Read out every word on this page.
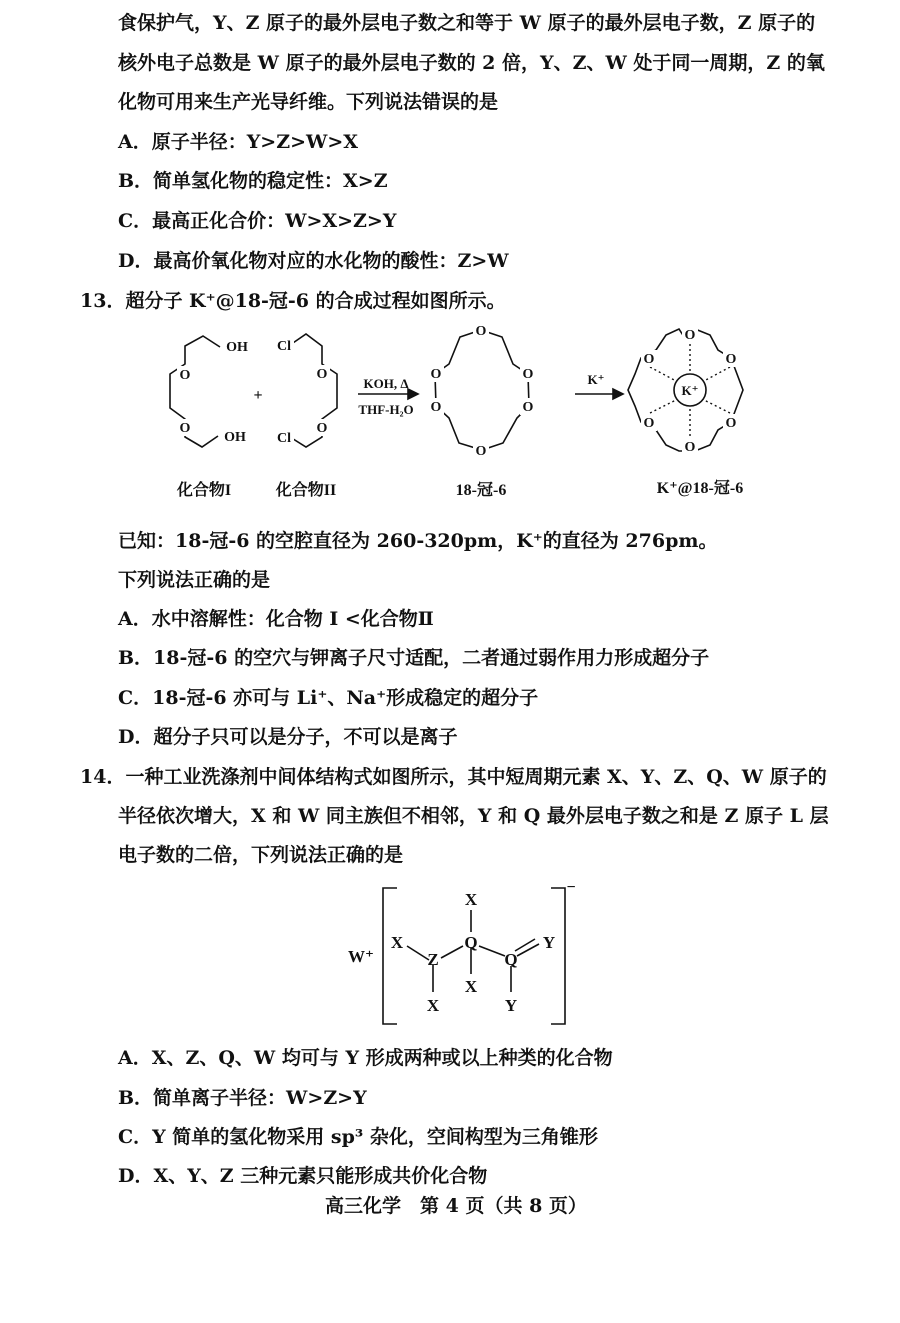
食保护气，Y、Z 原子的最外层电子数之和等于 W 原子的最外层电子数，Z 原子的
核外电子总数是 W 原子的最外层电子数的 2 倍，Y、Z、W 处于同一周期，Z 的氧
化物可用来生产光导纤维。下列说法错误的是
A．原子半径：Y>Z>W>X
B．简单氢化物的稳定性：X>Z
C．最高正化合价：W>X>Z>Y
D．最高价氧化物对应的水化物的酸性：Z>W
13．超分子 K⁺@18-冠-6 的合成过程如图所示。
OH
O
O
OH
+
Cl
O
O
Cl
KOH, Δ
THF-H₂O
O
O
O
O
O
O	K⁺
O
O
O
O
O
O
K⁺
化合物I	化合物II	18-冠-6	K⁺@18-冠-6
已知：18-冠-6 的空腔直径为 260-320pm，K⁺的直径为 276pm。
下列说法正确的是
A．水中溶解性：化合物 I <化合物Ⅱ
B．18-冠-6 的空穴与钾离子尺寸适配，二者通过弱作用力形成超分子
C．18-冠-6 亦可与 Li⁺、Na⁺形成稳定的超分子
D．超分子只可以是分子，不可以是离子
14．一种工业洗涤剂中间体结构式如图所示，其中短周期元素 X、Y、Z、Q、W 原子的
半径依次增大，X 和 W 同主族但不相邻，Y 和 Q 最外层电子数之和是 Z 原子 L 层
电子数的二倍，下列说法正确的是
W⁺
−
X
Z
X
X
Q
X
Q
Y
Y
A．X、Z、Q、W 均可与 Y 形成两种或以上种类的化合物
B．简单离子半径：W>Z>Y
C．Y 简单的氢化物采用 sp³ 杂化，空间构型为三角锥形
D．X、Y、Z 三种元素只能形成共价化合物
高三化学　第 4 页（共 8 页）
